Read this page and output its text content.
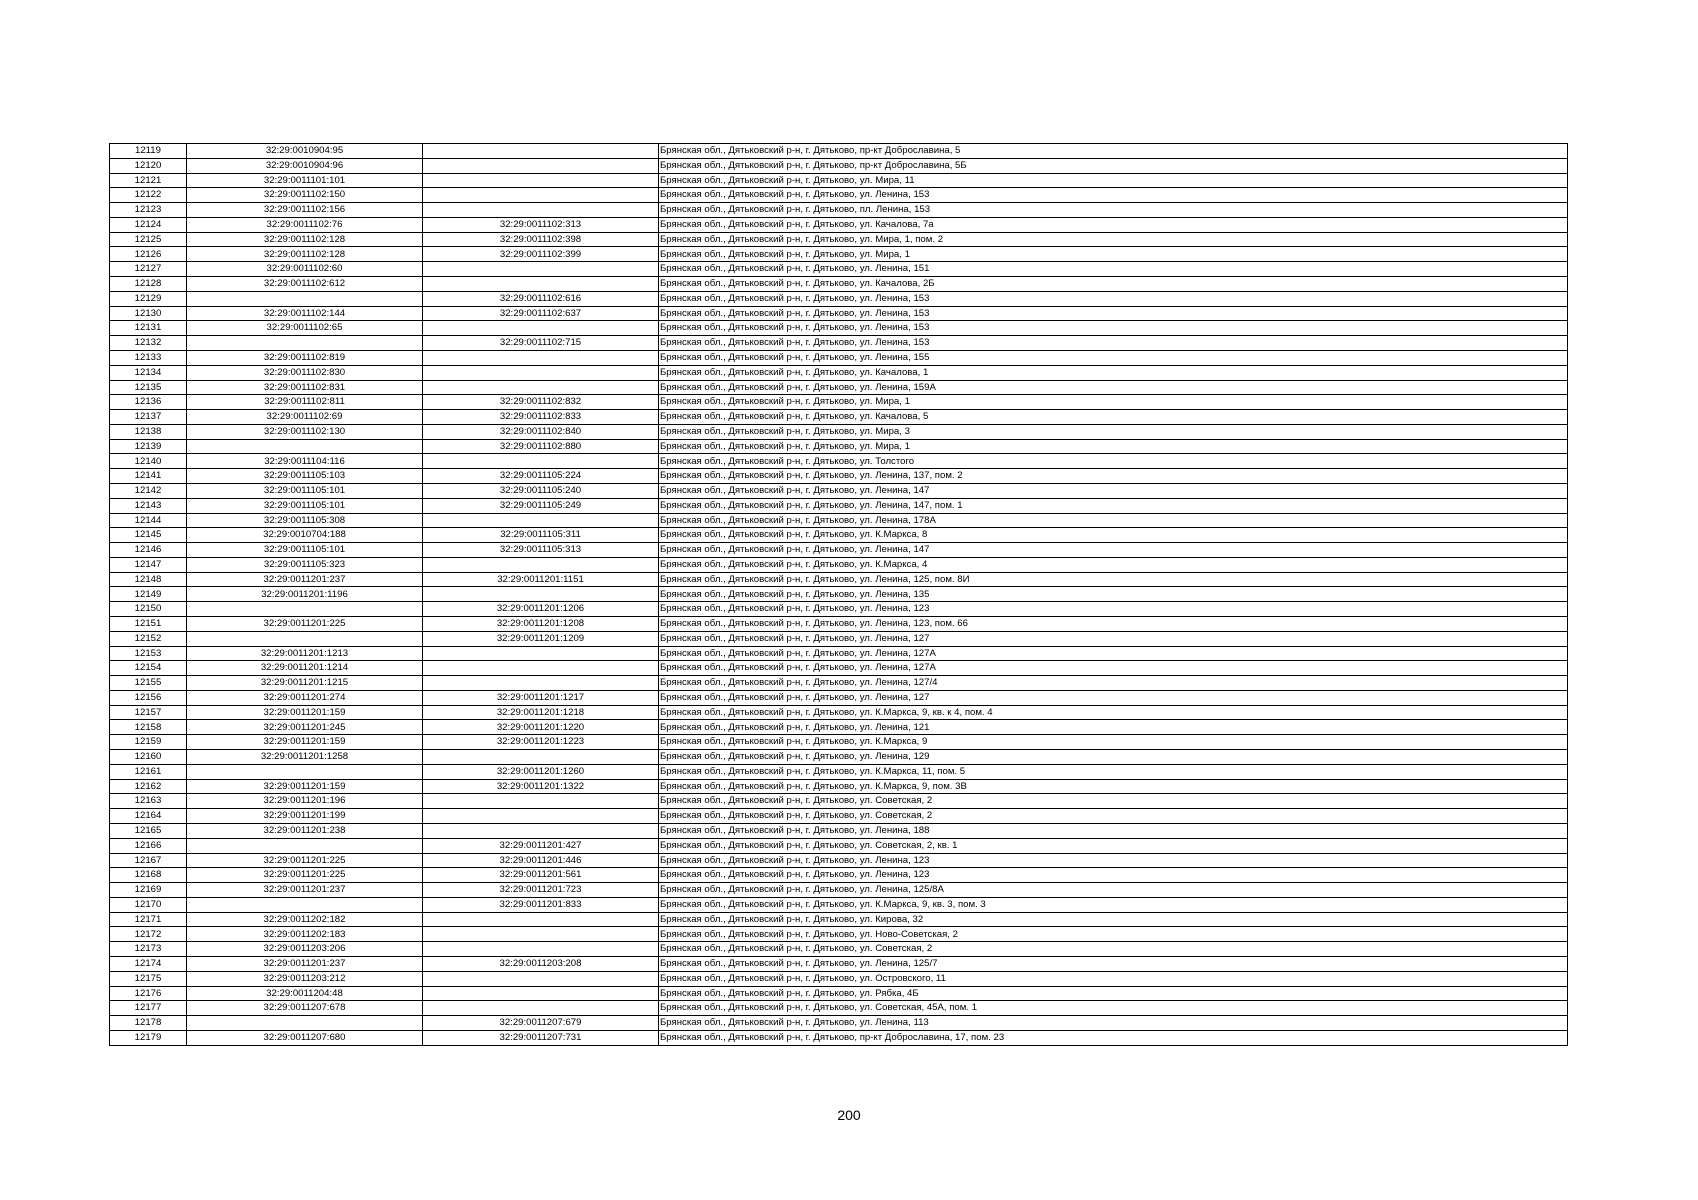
12119	32:29:0010904:95		Брянская обл., Дятьковский р-н, г. Дятьково, пр-кт Доброславина, 5
12120	32:29:0010904:96		Брянская обл., Дятьковский р-н, г. Дятьково, пр-кт Доброславина, 5Б
12121	32:29:0011101:101		Брянская обл., Дятьковский р-н, г. Дятьково, ул. Мира, 11
12122	32:29:0011102:150		Брянская обл., Дятьковский р-н, г. Дятьково, ул. Ленина, 153
12123	32:29:0011102:156		Брянская обл., Дятьковский р-н, г. Дятьково, пл. Ленина, 153
12124	32:29:0011102:76	32:29:0011102:313	Брянская обл., Дятьковский р-н, г. Дятьково, ул. Качалова, 7а
12125	32:29:0011102:128	32:29:0011102:398	Брянская обл., Дятьковский р-н, г. Дятьково, ул. Мира, 1, пом. 2
12126	32:29:0011102:128	32:29:0011102:399	Брянская обл., Дятьковский р-н, г. Дятьково, ул. Мира, 1
12127	32:29:0011102:60		Брянская обл., Дятьковский р-н, г. Дятьково, ул. Ленина, 151
12128	32:29:0011102:612		Брянская обл., Дятьковский р-н, г. Дятьково, ул. Качалова, 2Б
12129		32:29:0011102:616	Брянская обл., Дятьковский р-н, г. Дятьково, ул. Ленина, 153
12130	32:29:0011102:144	32:29:0011102:637	Брянская обл., Дятьковский р-н, г. Дятьково, ул. Ленина, 153
12131	32:29:0011102:65		Брянская обл., Дятьковский р-н, г. Дятьково, ул. Ленина, 153
12132		32:29:0011102:715	Брянская обл., Дятьковский р-н, г. Дятьково, ул. Ленина, 153
12133	32:29:0011102:819		Брянская обл., Дятьковский р-н, г. Дятьково, ул. Ленина, 155
12134	32:29:0011102:830		Брянская обл., Дятьковский р-н, г. Дятьково, ул. Качалова, 1
12135	32:29:0011102:831		Брянская обл., Дятьковский р-н, г. Дятьково, ул. Ленина, 159А
12136	32:29:0011102:811	32:29:0011102:832	Брянская обл., Дятьковский р-н, г. Дятьково, ул. Мира, 1
12137	32:29:0011102:69	32:29:0011102:833	Брянская обл., Дятьковский р-н, г. Дятьково, ул. Качалова, 5
12138	32:29:0011102:130	32:29:0011102:840	Брянская обл., Дятьковский р-н, г. Дятьково, ул. Мира, 3
12139		32:29:0011102:880	Брянская обл., Дятьковский р-н, г. Дятьково, ул. Мира, 1
12140	32:29:0011104:116		Брянская обл., Дятьковский р-н, г. Дятьково, ул. Толстого
12141	32:29:0011105:103	32:29:0011105:224	Брянская обл., Дятьковский р-н, г. Дятьково, ул. Ленина, 137, пом. 2
12142	32:29:0011105:101	32:29:0011105:240	Брянская обл., Дятьковский р-н, г. Дятьково, ул. Ленина, 147
12143	32:29:0011105:101	32:29:0011105:249	Брянская обл., Дятьковский р-н, г. Дятьково, ул. Ленина, 147, пом. 1
12144	32:29:0011105:308		Брянская обл., Дятьковский р-н, г. Дятьково, ул. Ленина, 178А
12145	32:29:0010704:188	32:29:0011105:311	Брянская обл., Дятьковский р-н, г. Дятьково, ул. К.Маркса, 8
12146	32:29:0011105:101	32:29:0011105:313	Брянская обл., Дятьковский р-н, г. Дятьково, ул. Ленина, 147
12147	32:29:0011105:323		Брянская обл., Дятьковский р-н, г. Дятьково, ул. К.Маркса, 4
12148	32:29:0011201:237	32:29:0011201:1151	Брянская обл., Дятьковский р-н, г. Дятьково, ул. Ленина, 125, пом. 8И
12149	32:29:0011201:1196		Брянская обл., Дятьковский р-н, г. Дятьково, ул. Ленина, 135
12150		32:29:0011201:1206	Брянская обл., Дятьковский р-н, г. Дятьково, ул. Ленина, 123
12151	32:29:0011201:225	32:29:0011201:1208	Брянская обл., Дятьковский р-н, г. Дятьково, ул. Ленина, 123, пом. 66
12152		32:29:0011201:1209	Брянская обл., Дятьковский р-н, г. Дятьково, ул. Ленина, 127
12153	32:29:0011201:1213		Брянская обл., Дятьковский р-н, г. Дятьково, ул. Ленина, 127А
12154	32:29:0011201:1214		Брянская обл., Дятьковский р-н, г. Дятьково, ул. Ленина, 127А
12155	32:29:0011201:1215		Брянская обл., Дятьковский р-н, г. Дятьково, ул. Ленина, 127/4
12156	32:29:0011201:274	32:29:0011201:1217	Брянская обл., Дятьковский р-н, г. Дятьково, ул. Ленина, 127
12157	32:29:0011201:159	32:29:0011201:1218	Брянская обл., Дятьковский р-н, г. Дятьково, ул. К.Маркса, 9, кв. к 4, пом. 4
12158	32:29:0011201:245	32:29:0011201:1220	Брянская обл., Дятьковский р-н, г. Дятьково, ул. Ленина, 121
12159	32:29:0011201:159	32:29:0011201:1223	Брянская обл., Дятьковский р-н, г. Дятьково, ул. К.Маркса, 9
12160	32:29:0011201:1258		Брянская обл., Дятьковский р-н, г. Дятьково, ул. Ленина, 129
12161		32:29:0011201:1260	Брянская обл., Дятьковский р-н, г. Дятьково, ул. К.Маркса, 11, пом. 5
12162	32:29:0011201:159	32:29:0011201:1322	Брянская обл., Дятьковский р-н, г. Дятьково, ул. К.Маркса, 9, пом. 3В
12163	32:29:0011201:196		Брянская обл., Дятьковский р-н, г. Дятьково, ул. Советская, 2
12164	32:29:0011201:199		Брянская обл., Дятьковский р-н, г. Дятьково, ул. Советская, 2
12165	32:29:0011201:238		Брянская обл., Дятьковский р-н, г. Дятьково, ул. Ленина, 188
12166		32:29:0011201:427	Брянская обл., Дятьковский р-н, г. Дятьково, ул. Советская, 2, кв. 1
12167	32:29:0011201:225	32:29:0011201:446	Брянская обл., Дятьковский р-н, г. Дятьково, ул. Ленина, 123
12168	32:29:0011201:225	32:29:0011201:561	Брянская обл., Дятьковский р-н, г. Дятьково, ул. Ленина, 123
12169	32:29:0011201:237	32:29:0011201:723	Брянская обл., Дятьковский р-н, г. Дятьково, ул. Ленина, 125/8А
12170		32:29:0011201:833	Брянская обл., Дятьковский р-н, г. Дятьково, ул. К.Маркса, 9, кв. 3, пом. 3
12171	32:29:0011202:182		Брянская обл., Дятьковский р-н, г. Дятьково, ул. Кирова, 32
12172	32:29:0011202:183		Брянская обл., Дятьковский р-н, г. Дятьково, ул. Ново-Советская, 2
12173	32:29:0011203:206		Брянская обл., Дятьковский р-н, г. Дятьково, ул. Советская, 2
12174	32:29:0011201:237	32:29:0011203:208	Брянская обл., Дятьковский р-н, г. Дятьково, ул. Ленина, 125/7
12175	32:29:0011203:212		Брянская обл., Дятьковский р-н, г. Дятьково, ул. Островского, 11
12176	32:29:0011204:48		Брянская обл., Дятьковский р-н, г. Дятьково, ул. Рябка, 4Б
12177	32:29:0011207:678		Брянская обл., Дятьковский р-н, г. Дятьково, ул. Советская, 45А, пом. 1
12178		32:29:0011207:679	Брянская обл., Дятьковский р-н, г. Дятьково, ул. Ленина, 113
12179	32:29:0011207:680	32:29:0011207:731	Брянская обл., Дятьковский р-н, г. Дятьково, пр-кт Доброславина, 17, пом. 23
200
